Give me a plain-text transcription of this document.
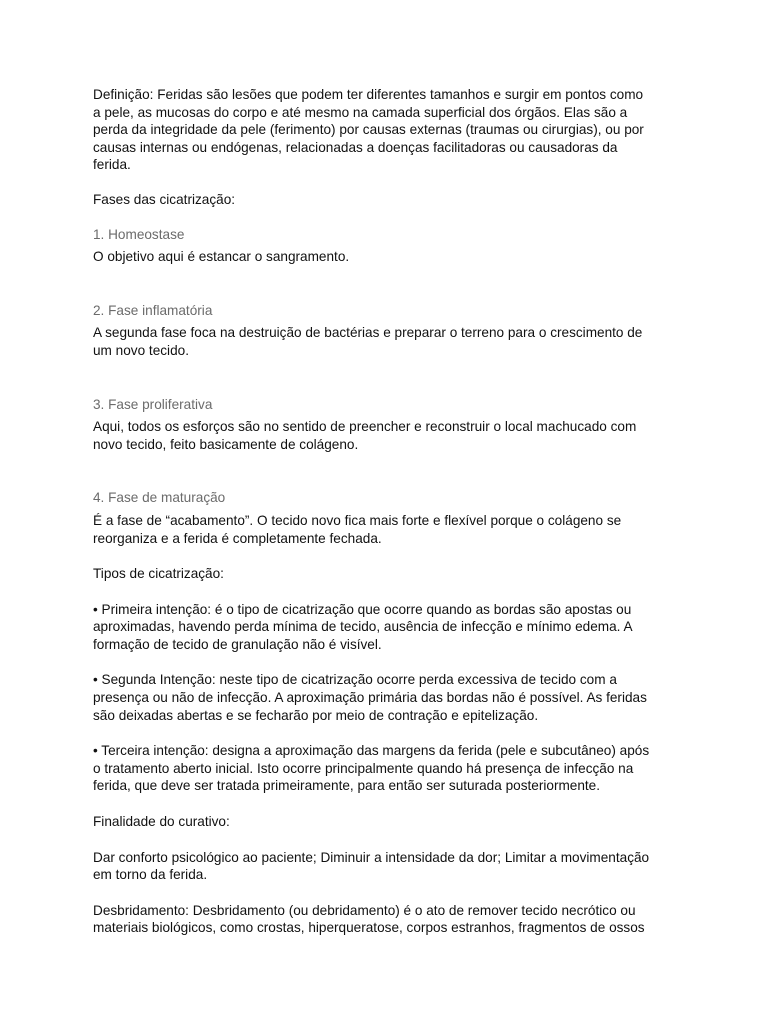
Definição: Feridas são lesões que podem ter diferentes tamanhos e surgir em pontos como
a pele, as mucosas do corpo e até mesmo na camada superficial dos órgãos. Elas são a
perda da integridade da pele (ferimento) por causas externas (traumas ou cirurgias), ou por
causas internas ou endógenas, relacionadas a doenças facilitadoras ou causadoras da
ferida.

Fases das cicatrização:

1. Homeostase

O objetivo aqui é estancar o sangramento.

2. Fase inflamatória

A segunda fase foca na destruição de bactérias e preparar o terreno para o crescimento de
um novo tecido.

3. Fase proliferativa

Aqui, todos os esforços são no sentido de preencher e reconstruir o local machucado com
novo tecido, feito basicamente de colágeno.

4. Fase de maturação

É a fase de “acabamento”. O tecido novo fica mais forte e flexível porque o colágeno se
reorganiza e a ferida é completamente fechada.

Tipos de cicatrização:

• Primeira intenção: é o tipo de cicatrização que ocorre quando as bordas são apostas ou
aproximadas, havendo perda mínima de tecido, ausência de infecção e mínimo edema. A
formação de tecido de granulação não é visível.

• Segunda Intenção: neste tipo de cicatrização ocorre perda excessiva de tecido com a
presença ou não de infecção. A aproximação primária das bordas não é possível. As feridas
são deixadas abertas e se fecharão por meio de contração e epitelização.

• Terceira intenção: designa a aproximação das margens da ferida (pele e subcutâneo) após
o tratamento aberto inicial. Isto ocorre principalmente quando há presença de infecção na
ferida, que deve ser tratada primeiramente, para então ser suturada posteriormente.

Finalidade do curativo:

Dar conforto psicológico ao paciente; Diminuir a intensidade da dor; Limitar a movimentação
em torno da ferida.

Desbridamento: Desbridamento (ou debridamento) é o ato de remover tecido necrótico ou
materiais biológicos, como crostas, hiperqueratose, corpos estranhos, fragmentos de ossos
